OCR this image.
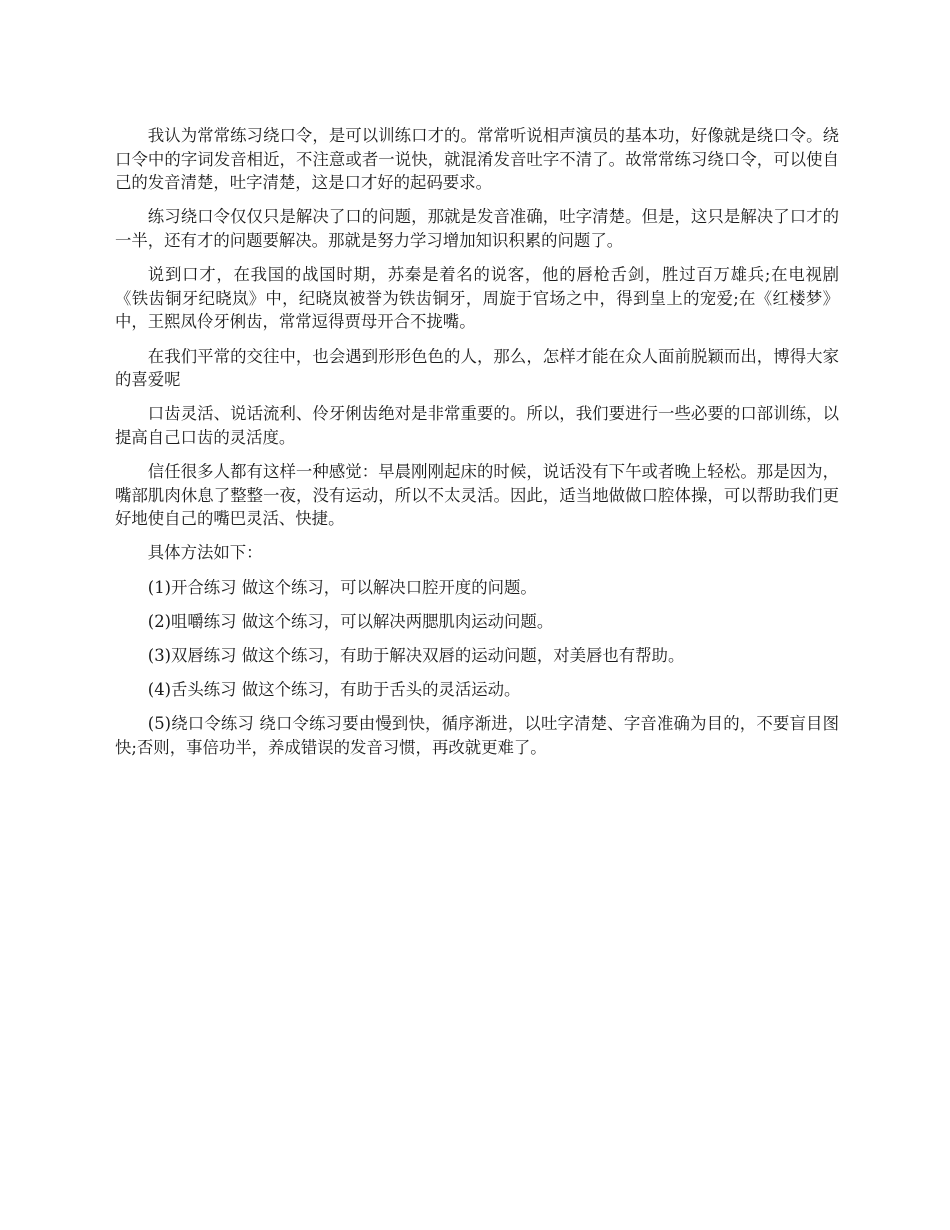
我认为常常练习绕口令，是可以训练口才的。常常听说相声演员的基本功，好像就是绕口令。绕口令中的字词发音相近，不注意或者一说快，就混淆发音吐字不清了。故常常练习绕口令，可以使自己的发音清楚，吐字清楚，这是口才好的起码要求。

练习绕口令仅仅只是解决了口的问题，那就是发音准确，吐字清楚。但是，这只是解决了口才的一半，还有才的问题要解决。那就是努力学习增加知识积累的问题了。

说到口才，在我国的战国时期，苏秦是着名的说客，他的唇枪舌剑，胜过百万雄兵;在电视剧《铁齿铜牙纪晓岚》中，纪晓岚被誉为铁齿铜牙，周旋于官场之中，得到皇上的宠爱;在《红楼梦》中，王熙凤伶牙俐齿，常常逗得贾母开合不拢嘴。

在我们平常的交往中，也会遇到形形色色的人，那么，怎样才能在众人面前脱颖而出，博得大家的喜爱呢

口齿灵活、说话流利、伶牙俐齿绝对是非常重要的。所以，我们要进行一些必要的口部训练，以提高自己口齿的灵活度。

信任很多人都有这样一种感觉：早晨刚刚起床的时候，说话没有下午或者晚上轻松。那是因为，嘴部肌肉休息了整整一夜，没有运动，所以不太灵活。因此，适当地做做口腔体操，可以帮助我们更好地使自己的嘴巴灵活、快捷。

具体方法如下：

(1)开合练习 做这个练习，可以解决口腔开度的问题。

(2)咀嚼练习 做这个练习，可以解决两腮肌肉运动问题。

(3)双唇练习 做这个练习，有助于解决双唇的运动问题，对美唇也有帮助。

(4)舌头练习 做这个练习，有助于舌头的灵活运动。

(5)绕口令练习 绕口令练习要由慢到快，循序渐进，以吐字清楚、字音准确为目的，不要盲目图快;否则，事倍功半，养成错误的发音习惯，再改就更难了。
